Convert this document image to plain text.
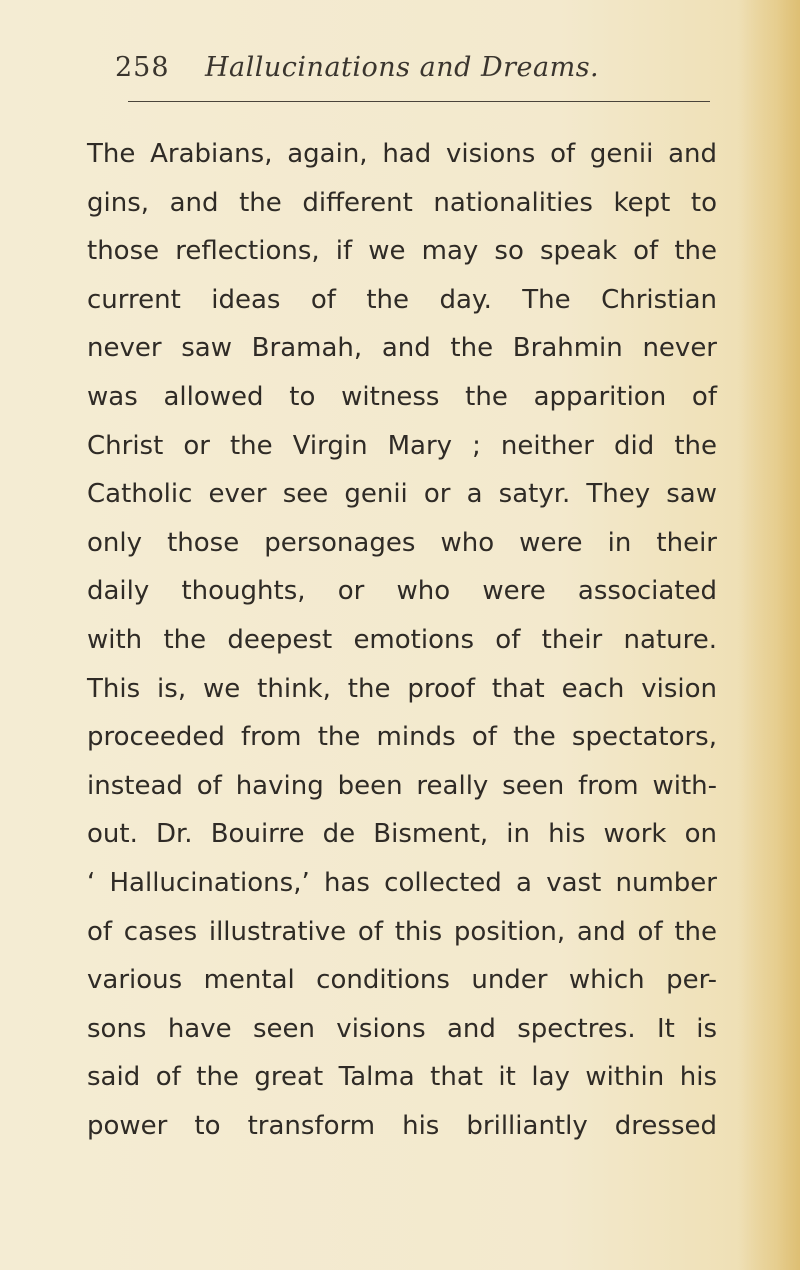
258 Hallucinations and Dreams.
The Arabians, again, had visions of genii and
gins, and the different nationalities kept to
those reflections, if we may so speak of the
current ideas of the day. The Christian
never saw Bramah, and the Brahmin never
was allowed to witness the apparition of
Christ or the Virgin Mary ; neither did the
Catholic ever see genii or a satyr. They saw
only those personages who were in their
daily thoughts, or who were associated
with the deepest emotions of their nature.
This is, we think, the proof that each vision
proceeded from the minds of the spectators,
instead of having been really seen from with-
out. Dr. Bouirre de Bisment, in his work on
‘ Hallucinations,’ has collected a vast number
of cases illustrative of this position, and of the
various mental conditions under which per-
sons have seen visions and spectres. It is
said of the great Talma that it lay within his
power to transform his brilliantly dressed
